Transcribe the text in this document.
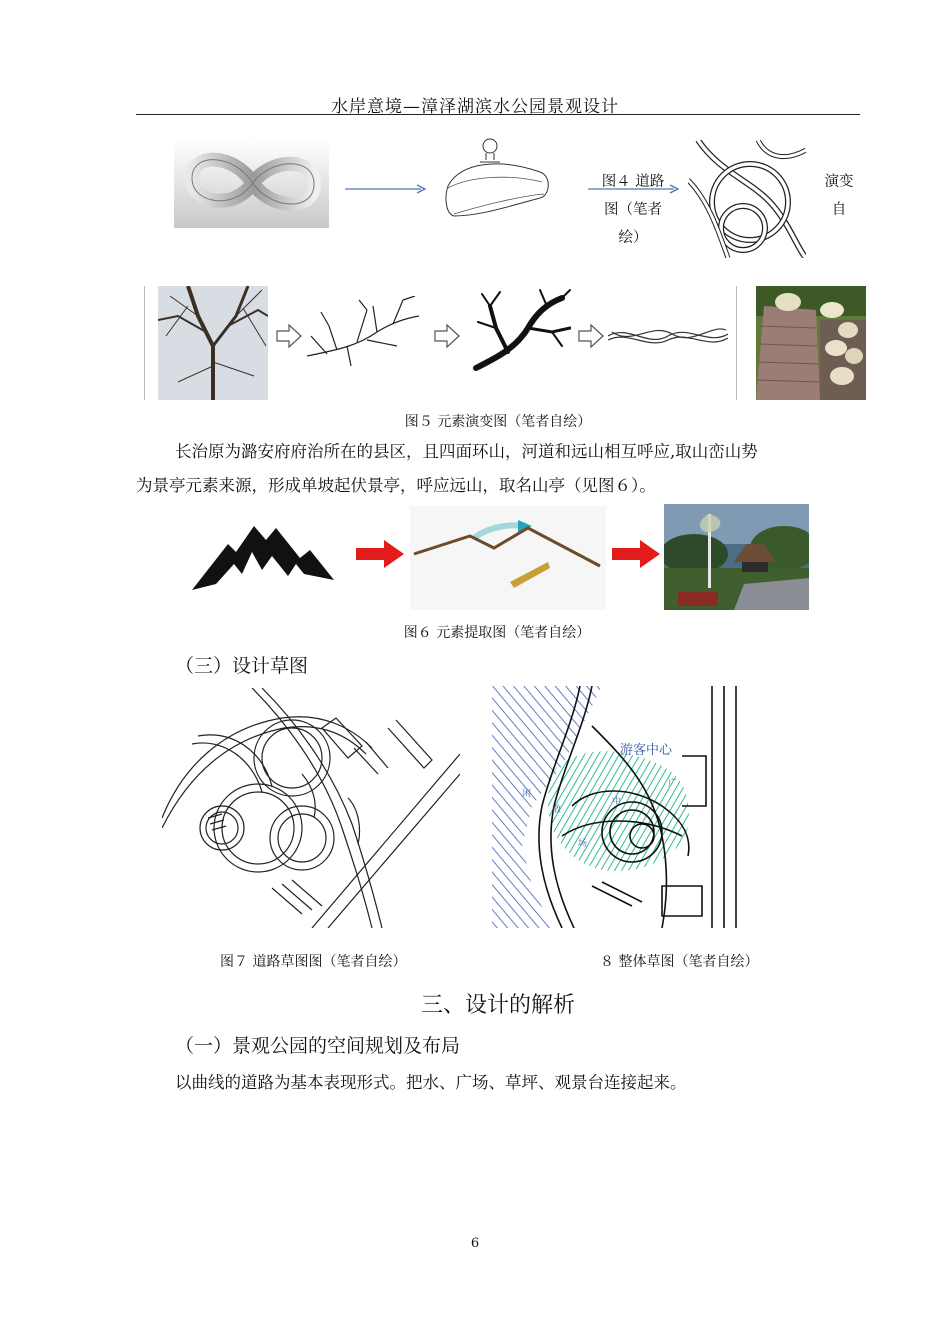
水岸意境—漳泽湖滨水公园景观设计
图４ 道路
图（笔者
绘）
演变
自
图５ 元素演变图（笔者自绘）
长治原为潞安府府治所在的县区，且四面环山，河道和远山相互呼应,取山峦山势
为景亭元素来源，形成单坡起伏景亭，呼应远山，取名山亭（见图６）。
图６ 元素提取图（笔者自绘）
（三）设计草图
图７ 道路草图图（笔者自绘）
闲
散
场
中
广
游客中心
８ 整体草图（笔者自绘）
三、设计的解析
（一）景观公园的空间规划及布局
以曲线的道路为基本表现形式。把水、广场、草坪、观景台连接起来。
6
